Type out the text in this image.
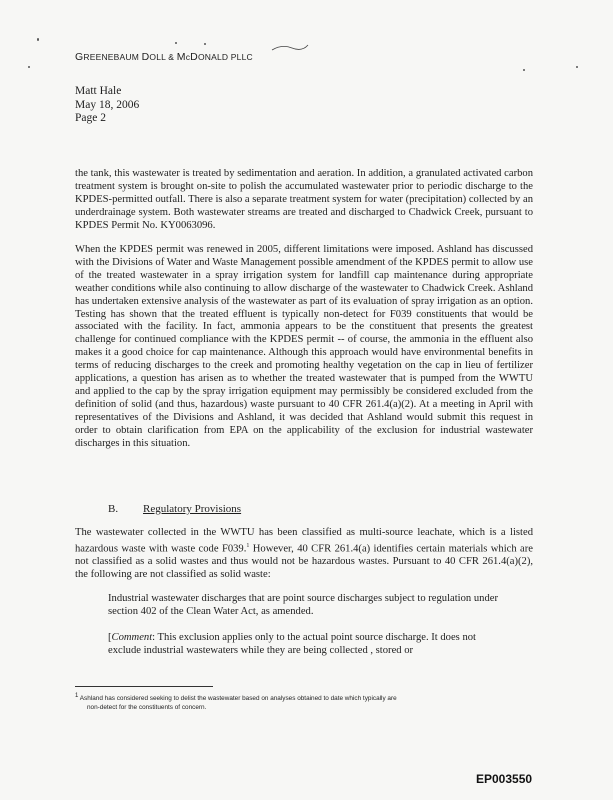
GREENEBAUM DOLL & McDONALD PLLC
Matt Hale
May 18, 2006
Page 2
the tank, this wastewater is treated by sedimentation and aeration. In addition, a granulated activated carbon treatment system is brought on-site to polish the accumulated wastewater prior to periodic discharge to the KPDES-permitted outfall. There is also a separate treatment system for water (precipitation) collected by an underdrainage system. Both wastewater streams are treated and discharged to Chadwick Creek, pursuant to KPDES Permit No. KY0063096.
When the KPDES permit was renewed in 2005, different limitations were imposed. Ashland has discussed with the Divisions of Water and Waste Management possible amendment of the KPDES permit to allow use of the treated wastewater in a spray irrigation system for landfill cap maintenance during appropriate weather conditions while also continuing to allow discharge of the wastewater to Chadwick Creek. Ashland has undertaken extensive analysis of the wastewater as part of its evaluation of spray irrigation as an option. Testing has shown that the treated effluent is typically non-detect for F039 constituents that would be associated with the facility. In fact, ammonia appears to be the constituent that presents the greatest challenge for continued compliance with the KPDES permit -- of course, the ammonia in the effluent also makes it a good choice for cap maintenance. Although this approach would have environmental benefits in terms of reducing discharges to the creek and promoting healthy vegetation on the cap in lieu of fertilizer applications, a question has arisen as to whether the treated wastewater that is pumped from the WWTU and applied to the cap by the spray irrigation equipment may permissibly be considered excluded from the definition of solid (and thus, hazardous) waste pursuant to 40 CFR 261.4(a)(2). At a meeting in April with representatives of the Divisions and Ashland, it was decided that Ashland would submit this request in order to obtain clarification from EPA on the applicability of the exclusion for industrial wastewater discharges in this situation.
B. Regulatory Provisions
The wastewater collected in the WWTU has been classified as multi-source leachate, which is a listed hazardous waste with waste code F039.$^1$ However, 40 CFR 261.4(a) identifies certain materials which are not classified as a solid wastes and thus would not be hazardous wastes. Pursuant to 40 CFR 261.4(a)(2), the following are not classified as solid waste:
Industrial wastewater discharges that are point source discharges subject to regulation under section 402 of the Clean Water Act, as amended.
[Comment: This exclusion applies only to the actual point source discharge. It does not exclude industrial wastewaters while they are being collected , stored or
1 Ashland has considered seeking to delist the wastewater based on analyses obtained to date which typically are
non-detect for the constituents of concern.
EP003550
